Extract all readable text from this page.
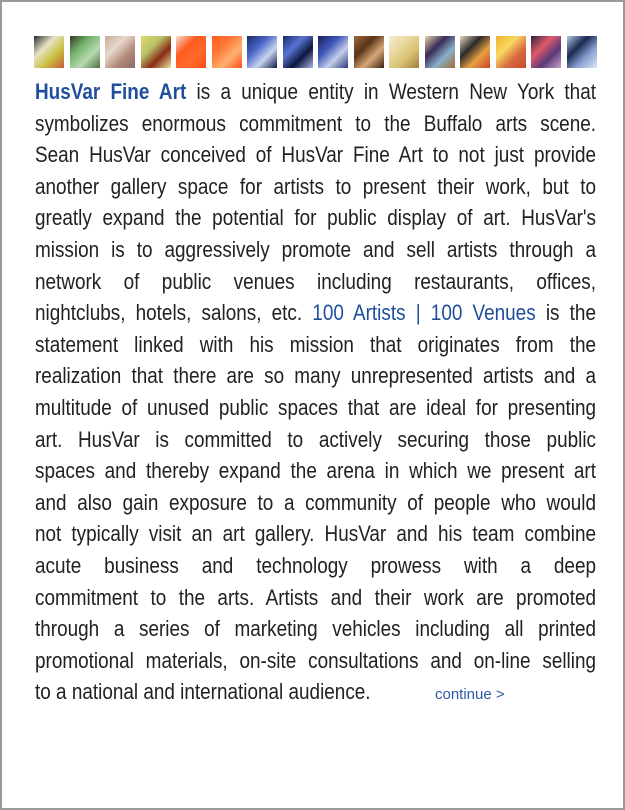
HusVar Fine Art is a unique entity in Western New York that
symbolizes enormous commitment to the Buffalo arts scene.
Sean HusVar conceived of HusVar Fine Art to not just provide
another gallery space for artists to present their work, but to
greatly expand the potential for public display of art. HusVar's
mission is to aggressively promote and sell artists through a
network of public venues including restaurants, offices,
nightclubs, hotels, salons, etc. 100 Artists | 100 Venues is the
statement linked with his mission that originates from the
realization that there are so many unrepresented artists and a
multitude of unused public spaces that are ideal for presenting
art. HusVar is committed to actively securing those public
spaces and thereby expand the arena in which we present art
and also gain exposure to a community of people who would
not typically visit an art gallery. HusVar and his team combine
acute business and technology prowess with a deep
commitment to the arts. Artists and their work are promoted
through a series of marketing vehicles including all printed
promotional materials, on-site consultations and on-line selling
to a national and international audience.	continue >
